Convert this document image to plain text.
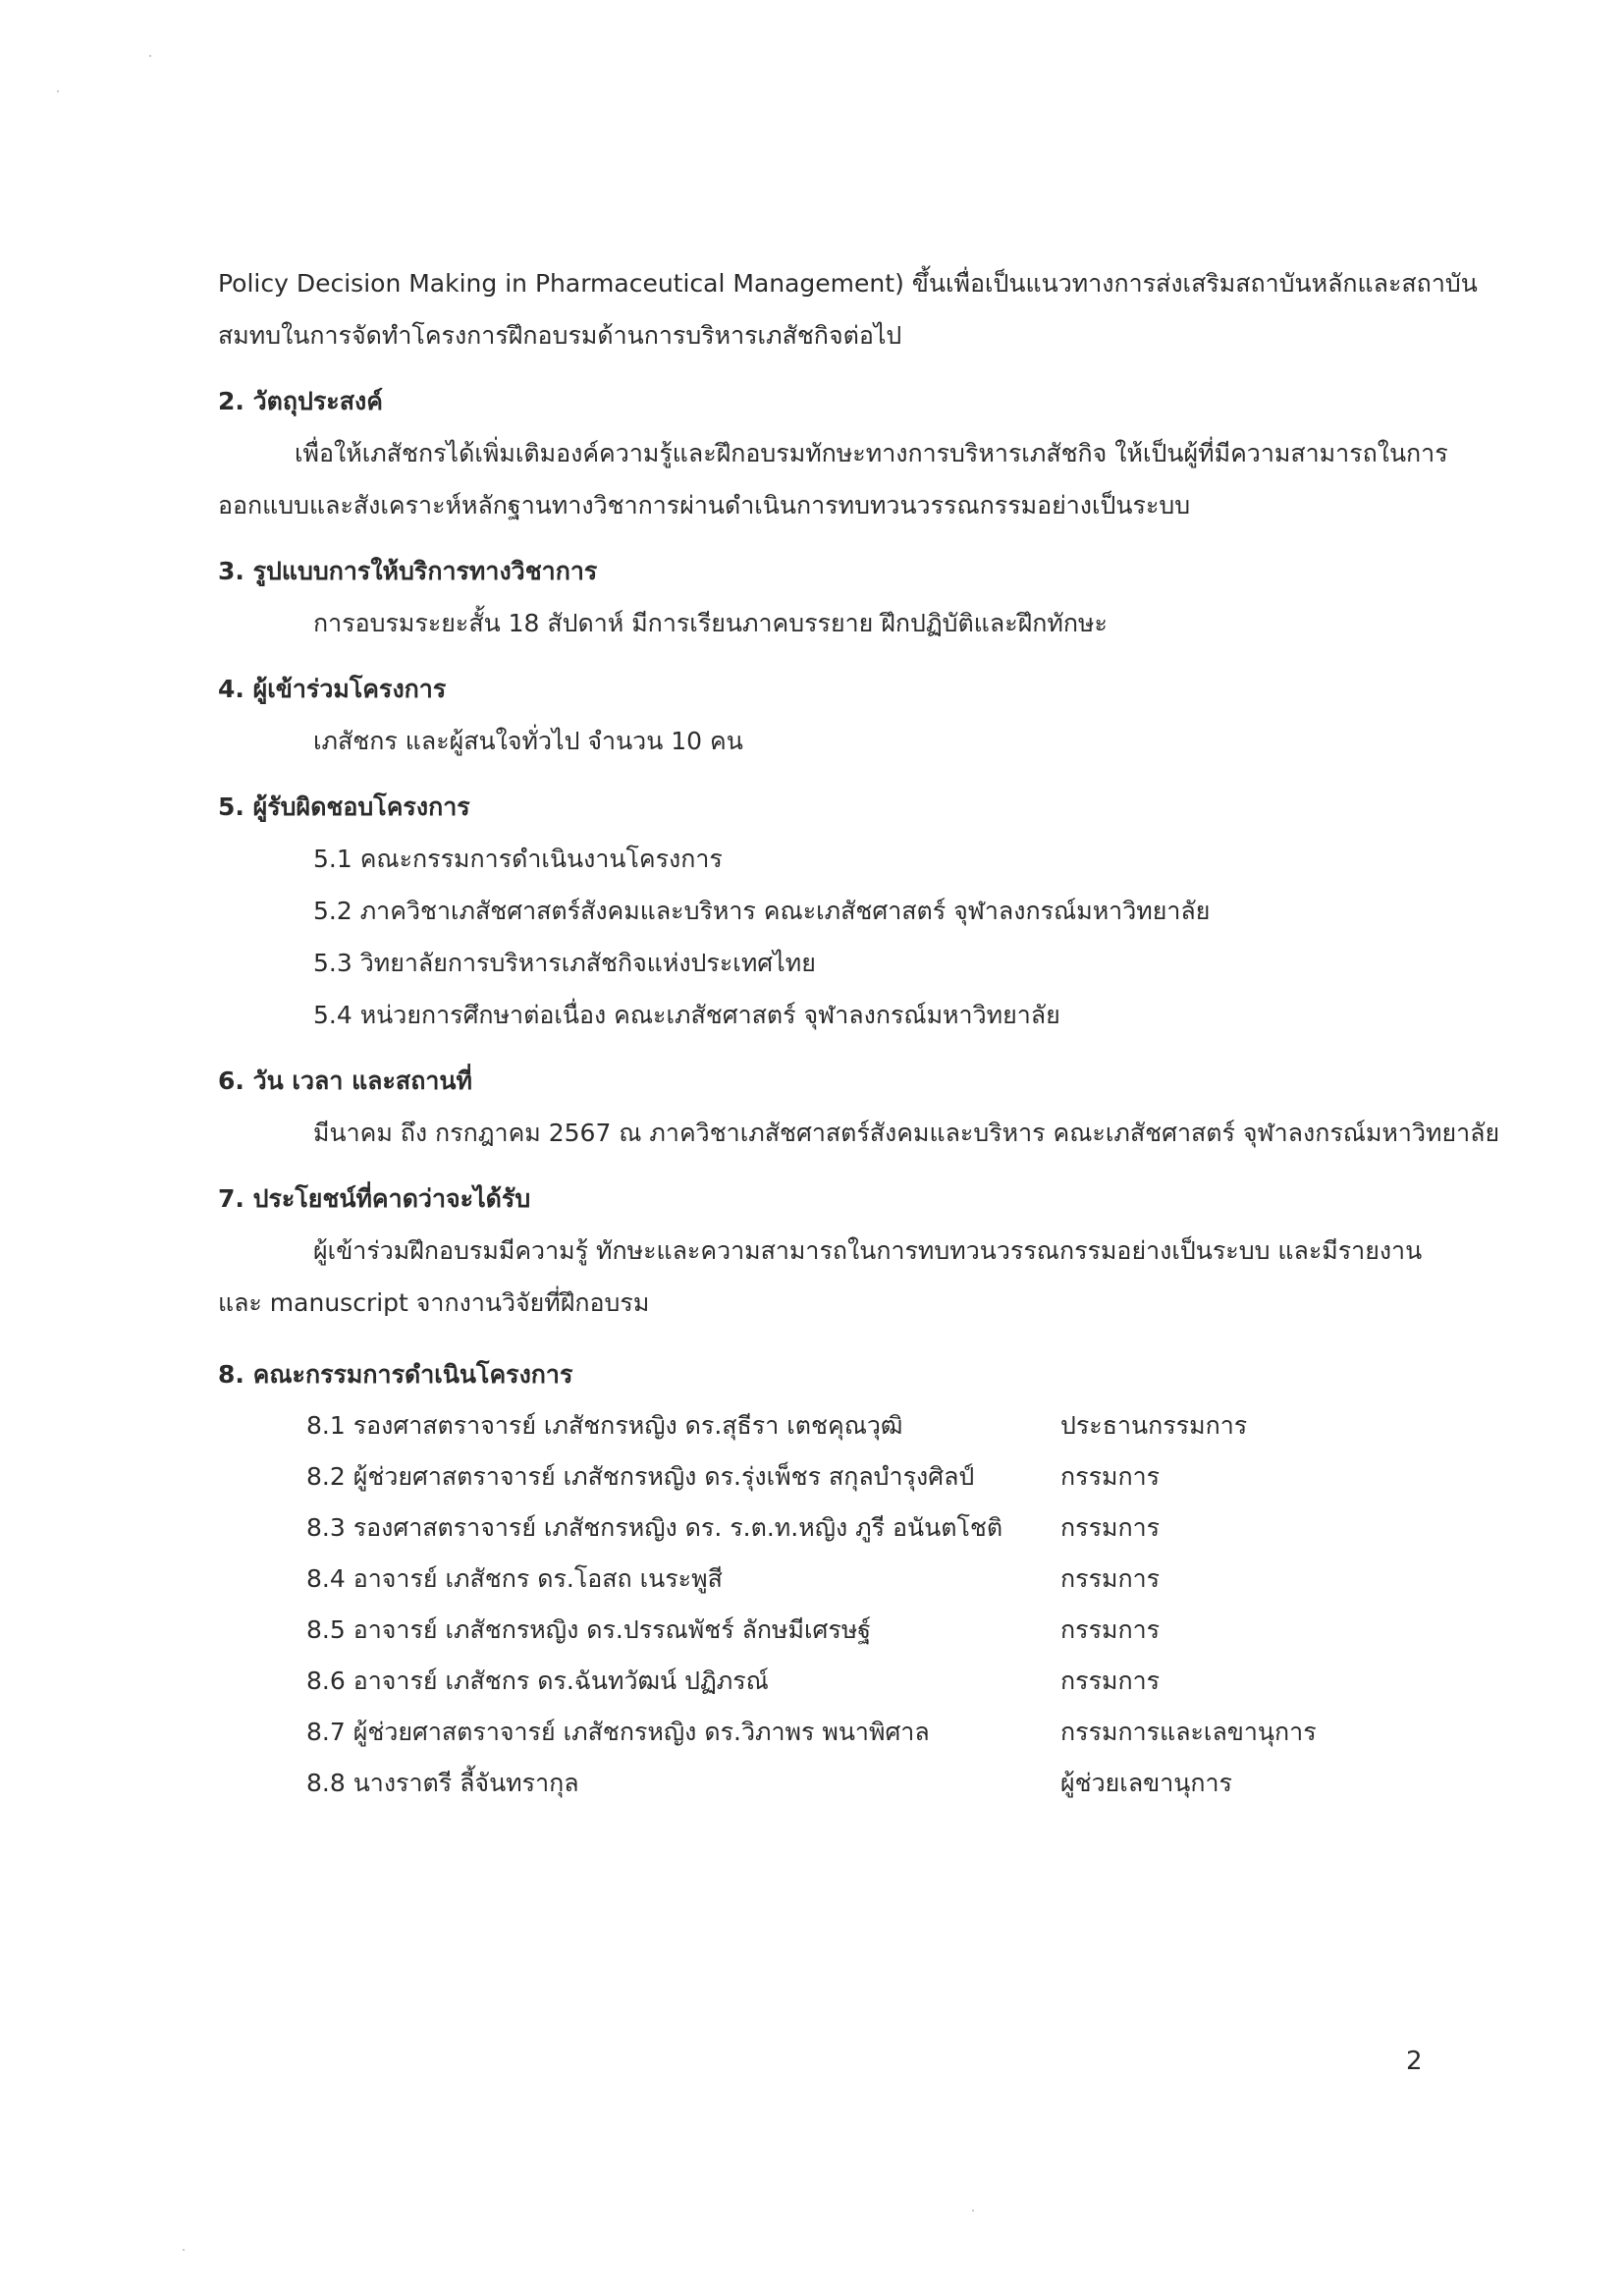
Policy Decision Making in Pharmaceutical Management) ขึ้นเพื่อเป็นแนวทางการส่งเสริมสถาบันหลักและสถาบัน
สมทบในการจัดทำโครงการฝึกอบรมด้านการบริหารเภสัชกิจต่อไป
2. วัตถุประสงค์
เพื่อให้เภสัชกรได้เพิ่มเติมองค์ความรู้และฝึกอบรมทักษะทางการบริหารเภสัชกิจ ให้เป็นผู้ที่มีความสามารถในการ
ออกแบบและสังเคราะห์หลักฐานทางวิชาการผ่านดำเนินการทบทวนวรรณกรรมอย่างเป็นระบบ
3. รูปแบบการให้บริการทางวิชาการ
การอบรมระยะสั้น 18 สัปดาห์ มีการเรียนภาคบรรยาย ฝึกปฏิบัติและฝึกทักษะ
4. ผู้เข้าร่วมโครงการ
เภสัชกร และผู้สนใจทั่วไป จำนวน 10 คน
5. ผู้รับผิดชอบโครงการ
5.1 คณะกรรมการดำเนินงานโครงการ
5.2 ภาควิชาเภสัชศาสตร์สังคมและบริหาร คณะเภสัชศาสตร์ จุฬาลงกรณ์มหาวิทยาลัย
5.3 วิทยาลัยการบริหารเภสัชกิจแห่งประเทศไทย
5.4 หน่วยการศึกษาต่อเนื่อง คณะเภสัชศาสตร์ จุฬาลงกรณ์มหาวิทยาลัย
6. วัน เวลา และสถานที่
มีนาคม ถึง กรกฎาคม 2567 ณ ภาควิชาเภสัชศาสตร์สังคมและบริหาร คณะเภสัชศาสตร์ จุฬาลงกรณ์มหาวิทยาลัย
7. ประโยชน์ที่คาดว่าจะได้รับ
ผู้เข้าร่วมฝึกอบรมมีความรู้ ทักษะและความสามารถในการทบทวนวรรณกรรมอย่างเป็นระบบ และมีรายงาน
และ manuscript จากงานวิจัยที่ฝึกอบรม
8. คณะกรรมการดำเนินโครงการ
8.1 รองศาสตราจารย์ เภสัชกรหญิง ดร.สุธีรา เตชคุณวุฒิ	ประธานกรรมการ
8.2 ผู้ช่วยศาสตราจารย์ เภสัชกรหญิง ดร.รุ่งเพ็ชร สกุลบำรุงศิลป์	กรรมการ
8.3 รองศาสตราจารย์ เภสัชกรหญิง ดร. ร.ต.ท.หญิง ภูรี อนันตโชติ	กรรมการ
8.4 อาจารย์ เภสัชกร ดร.โอสถ เนระพูสี	กรรมการ
8.5 อาจารย์ เภสัชกรหญิง ดร.ปรรณพัชร์ ลักษมีเศรษฐ์	กรรมการ
8.6 อาจารย์ เภสัชกร ดร.ฉันทวัฒน์ ปฏิภรณ์	กรรมการ
8.7 ผู้ช่วยศาสตราจารย์ เภสัชกรหญิง ดร.วิภาพร พนาพิศาล	กรรมการและเลขานุการ
8.8 นางราตรี ลี้จันทรากุล	ผู้ช่วยเลขานุการ
2
